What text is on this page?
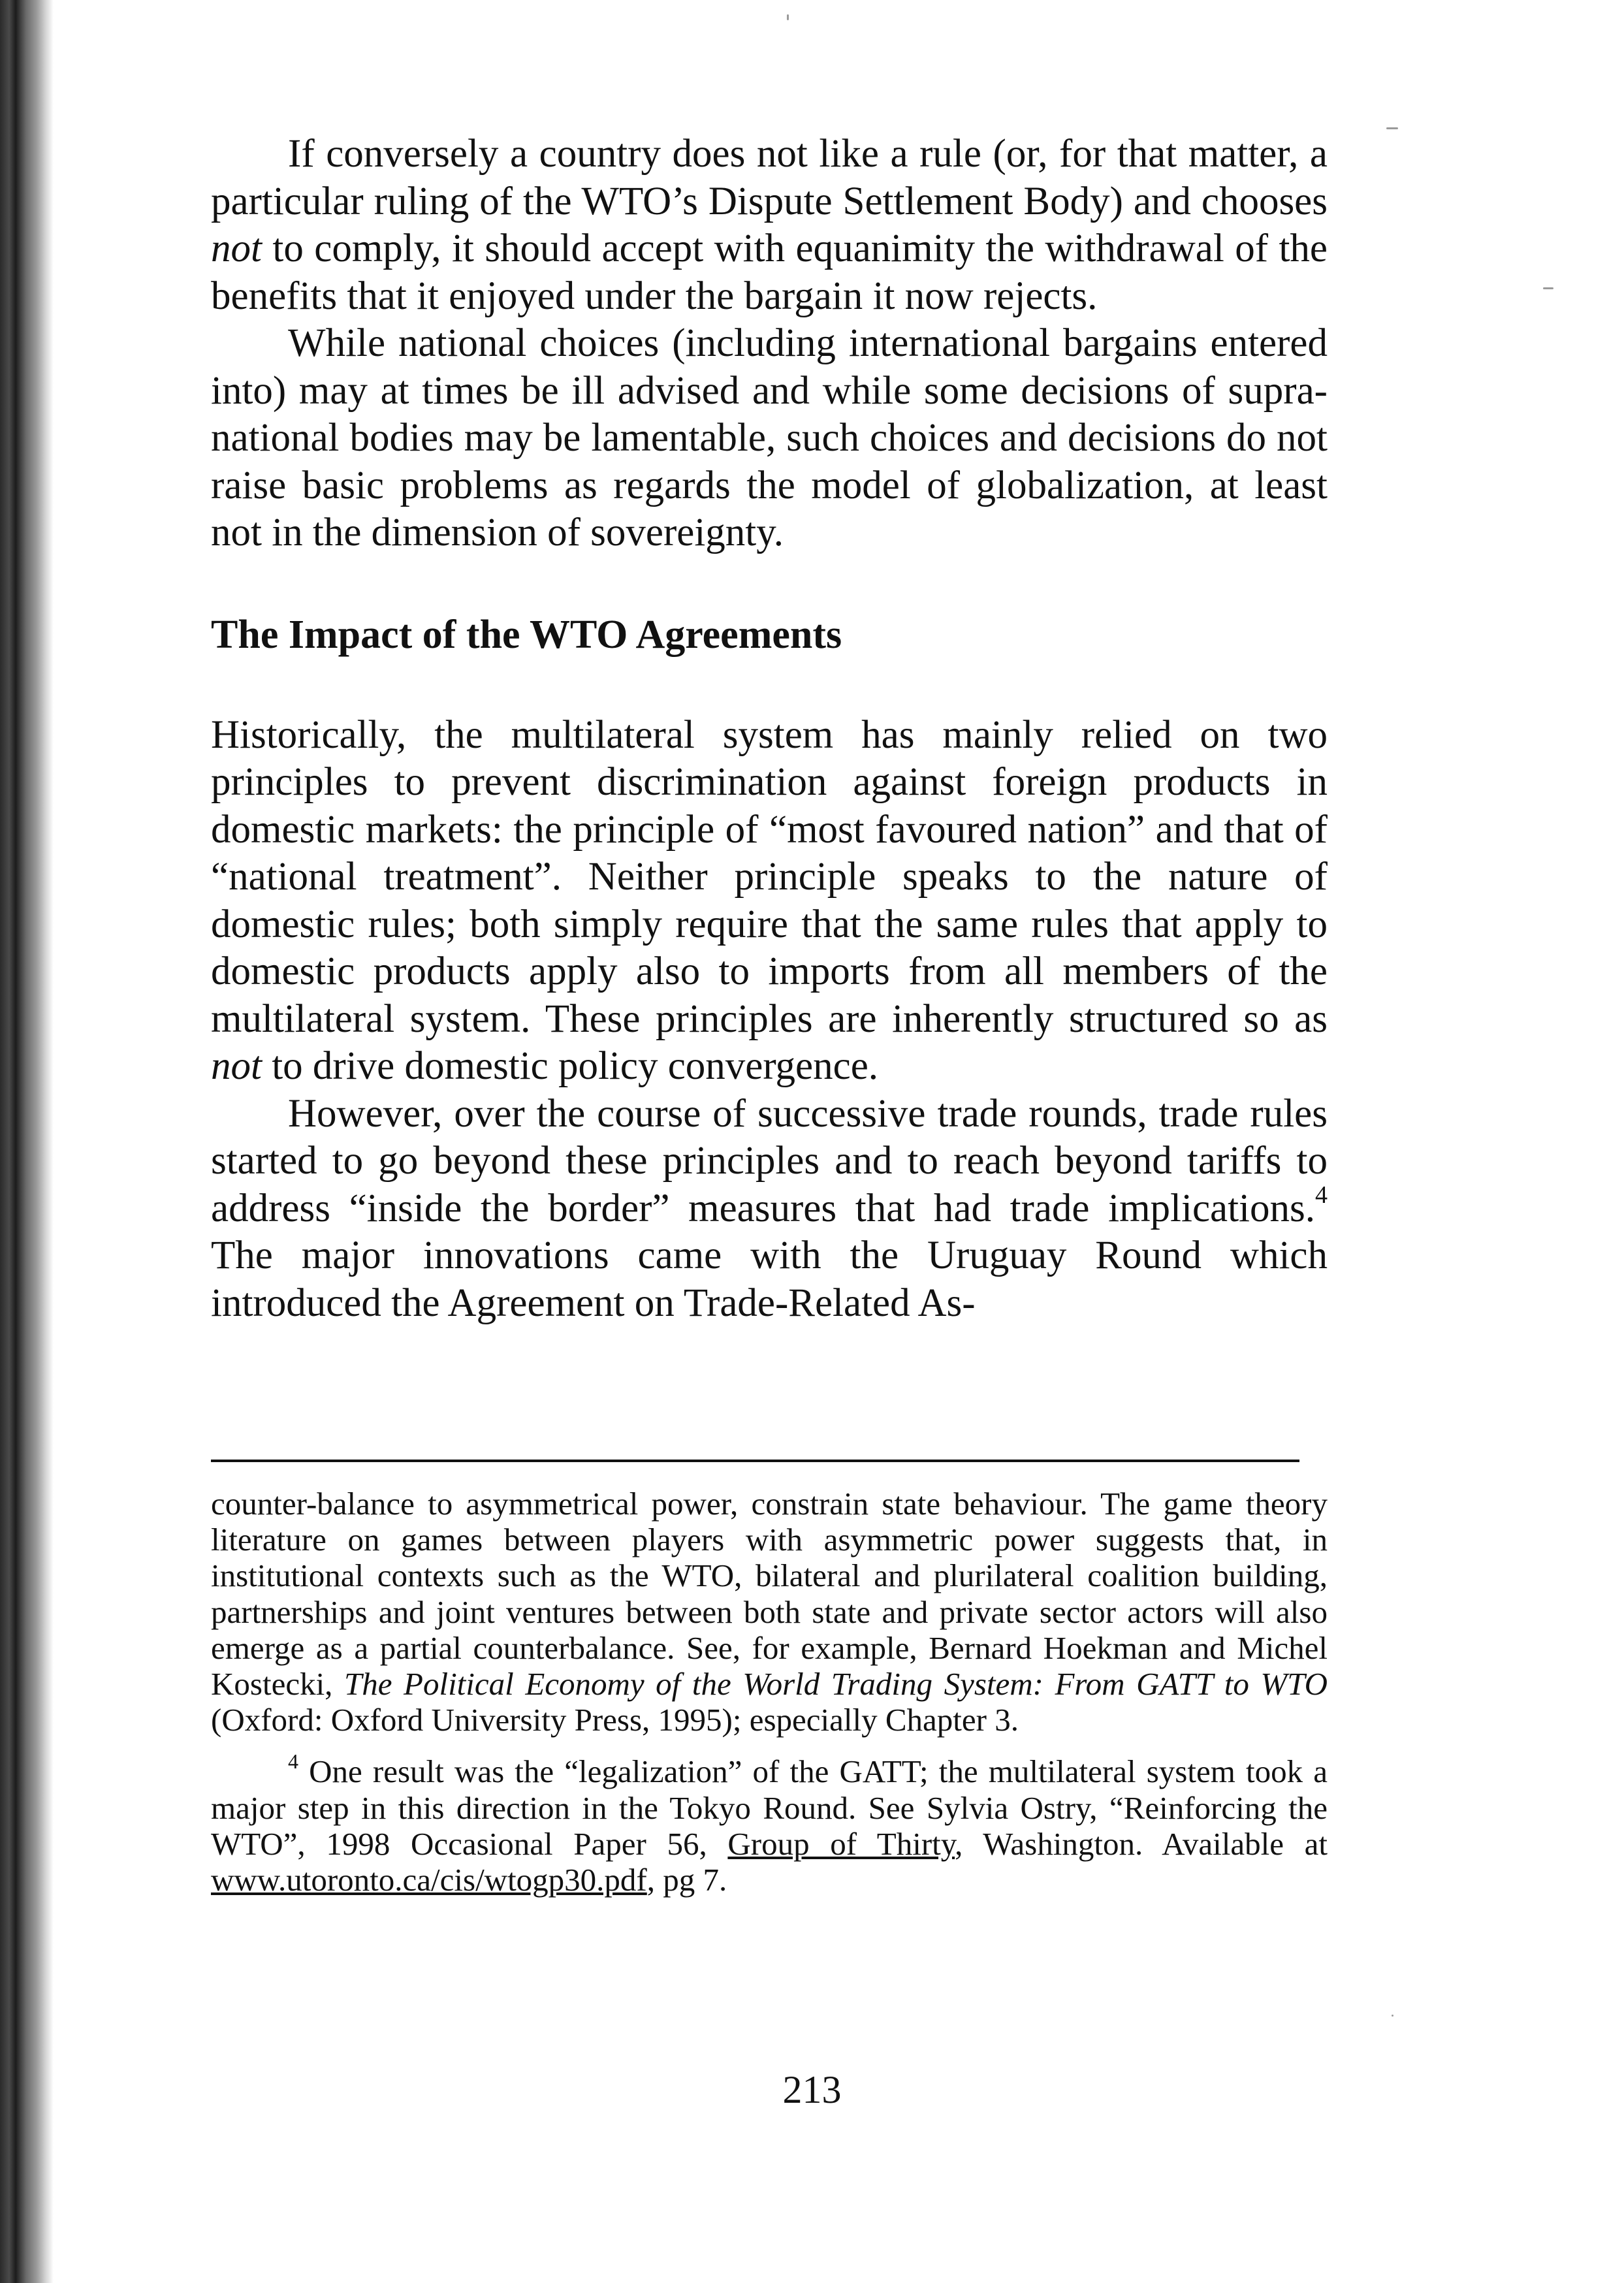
If conversely a country does not like a rule (or, for that matter, a particular ruling of the WTO’s Dispute Settlement Body) and chooses not to comply, it should accept with equanimity the withdrawal of the benefits that it enjoyed under the bargain it now rejects.

While national choices (including international bargains entered into) may at times be ill advised and while some decisions of supra-national bodies may be lamentable, such choices and decisions do not raise basic problems as regards the model of globalization, at least not in the dimension of sovereignty.

The Impact of the WTO Agreements

Historically, the multilateral system has mainly relied on two principles to prevent discrimination against foreign products in domestic markets: the principle of “most favoured nation” and that of “national treatment”. Neither principle speaks to the nature of domestic rules; both simply require that the same rules that apply to domestic products apply also to imports from all members of the multilateral system. These principles are inherently structured so as not to drive domestic policy convergence.

However, over the course of successive trade rounds, trade rules started to go beyond these principles and to reach beyond tariffs to address “inside the border” measures that had trade implications.$^4$ The major innovations came with the Uruguay Round which introduced the Agreement on Trade-Related As-

counter-balance to asymmetrical power, constrain state behaviour. The game theory literature on games between players with asymmetric power suggests that, in institutional contexts such as the WTO, bilateral and plurilateral coalition building, partnerships and joint ventures between both state and private sector actors will also emerge as a partial counterbalance. See, for example, Bernard Hoekman and Michel Kostecki, The Political Economy of the World Trading System: From GATT to WTO (Oxford: Oxford University Press, 1995); especially Chapter 3.

$^4$ One result was the “legalization” of the GATT; the multilateral system took a major step in this direction in the Tokyo Round. See Sylvia Ostry, “Reinforcing the WTO”, 1998 Occasional Paper 56, Group of Thirty, Washington. Available at www.utoronto.ca/cis/wtogp30.pdf, pg 7.

213
